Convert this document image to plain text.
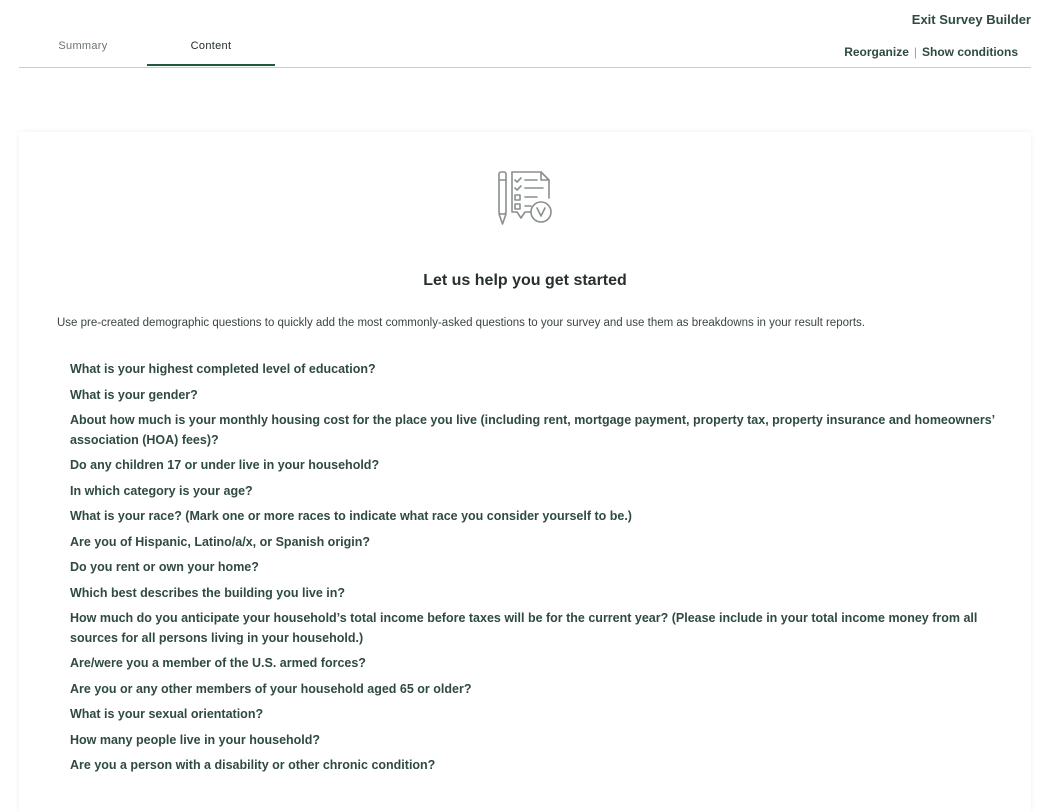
Exit Survey Builder
Summary	Content	Reorganize | Show conditions
Let us help you get started
Use pre-created demographic questions to quickly add the most commonly-asked questions to your survey and use them as breakdowns in your result reports.
What is your highest completed level of education?
What is your gender?
About how much is your monthly housing cost for the place you live (including rent, mortgage payment, property tax, property insurance and homeowners’ association (HOA) fees)?
Do any children 17 or under live in your household?
In which category is your age?
What is your race? (Mark one or more races to indicate what race you consider yourself to be.)
Are you of Hispanic, Latino/a/x, or Spanish origin?
Do you rent or own your home?
Which best describes the building you live in?
How much do you anticipate your household’s total income before taxes will be for the current year? (Please include in your total income money from all sources for all persons living in your household.)
Are/were you a member of the U.S. armed forces?
Are you or any other members of your household aged 65 or older?
What is your sexual orientation?
How many people live in your household?
Are you a person with a disability or other chronic condition?
